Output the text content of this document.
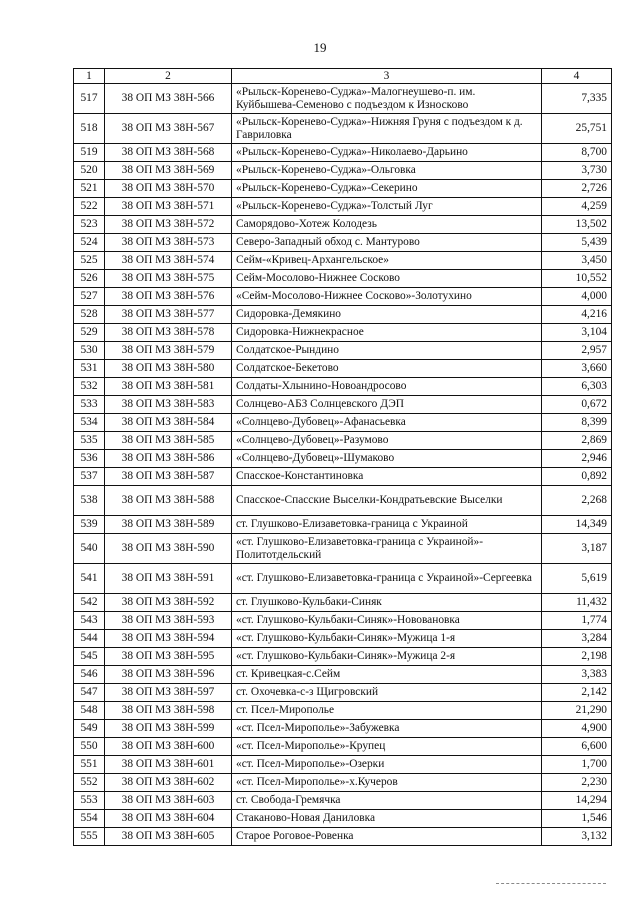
19
1	2	3	4
517	38 ОП МЗ 38Н-566	«Рыльск-Коренево-Суджа»-Малогнеушево-п. им. Куйбышева-Семеново с подъездом к Износково	7,335
518	38 ОП МЗ 38Н-567	«Рыльск-Коренево-Суджа»-Нижняя Груня с подъездом к д. Гавриловка	25,751
519	38 ОП МЗ 38Н-568	«Рыльск-Коренево-Суджа»-Николаево-Дарьино	8,700
520	38 ОП МЗ 38Н-569	«Рыльск-Коренево-Суджа»-Ольговка	3,730
521	38 ОП МЗ 38Н-570	«Рыльск-Коренево-Суджа»-Секерино	2,726
522	38 ОП МЗ 38Н-571	«Рыльск-Коренево-Суджа»-Толстый Луг	4,259
523	38 ОП МЗ 38Н-572	Саморядово-Хотеж Колодезь	13,502
524	38 ОП МЗ 38Н-573	Северо-Западный обход с. Мантурово	5,439
525	38 ОП МЗ 38Н-574	Сейм-«Кривец-Архангельское»	3,450
526	38 ОП МЗ 38Н-575	Сейм-Мосолово-Нижнее Сосково	10,552
527	38 ОП МЗ 38Н-576	«Сейм-Мосолово-Нижнее Сосково»-Золотухино	4,000
528	38 ОП МЗ 38Н-577	Сидоровка-Демякино	4,216
529	38 ОП МЗ 38Н-578	Сидоровка-Нижнекрасное	3,104
530	38 ОП МЗ 38Н-579	Солдатское-Рындино	2,957
531	38 ОП МЗ 38Н-580	Солдатское-Бекетово	3,660
532	38 ОП МЗ 38Н-581	Солдаты-Хлынино-Новоандросово	6,303
533	38 ОП МЗ 38Н-583	Солнцево-АБЗ Солнцевского ДЭП	0,672
534	38 ОП МЗ 38Н-584	«Солнцево-Дубовец»-Афанасьевка	8,399
535	38 ОП МЗ 38Н-585	«Солнцево-Дубовец»-Разумово	2,869
536	38 ОП МЗ 38Н-586	«Солнцево-Дубовец»-Шумаково	2,946
537	38 ОП МЗ 38Н-587	Спасское-Константиновка	0,892
538	38 ОП МЗ 38Н-588	Спасское-Спасские Выселки-Кондратьевские Выселки	2,268
539	38 ОП МЗ 38Н-589	ст. Глушково-Елизаветовка-граница с Украиной	14,349
540	38 ОП МЗ 38Н-590	«ст. Глушково-Елизаветовка-граница с Украиной»-Политотдельский	3,187
541	38 ОП МЗ 38Н-591	«ст. Глушково-Елизаветовка-граница с Украиной»-Сергеевка	5,619
542	38 ОП МЗ 38Н-592	ст. Глушково-Кульбаки-Синяк	11,432
543	38 ОП МЗ 38Н-593	«ст. Глушково-Кульбаки-Синяк»-Нововановка	1,774
544	38 ОП МЗ 38Н-594	«ст. Глушково-Кульбаки-Синяк»-Мужица 1-я	3,284
545	38 ОП МЗ 38Н-595	«ст. Глушково-Кульбаки-Синяк»-Мужица 2-я	2,198
546	38 ОП МЗ 38Н-596	ст. Кривецкая-с.Сейм	3,383
547	38 ОП МЗ 38Н-597	ст. Охочевка-с-з Щигровский	2,142
548	38 ОП МЗ 38Н-598	ст. Псел-Мирополье	21,290
549	38 ОП МЗ 38Н-599	«ст. Псел-Мирополье»-Забужевка	4,900
550	38 ОП МЗ 38Н-600	«ст. Псел-Мирополье»-Крупец	6,600
551	38 ОП МЗ 38Н-601	«ст. Псел-Мирополье»-Озерки	1,700
552	38 ОП МЗ 38Н-602	«ст. Псел-Мирополье»-х.Кучеров	2,230
553	38 ОП МЗ 38Н-603	ст. Свобода-Гремячка	14,294
554	38 ОП МЗ 38Н-604	Стаканово-Новая Даниловка	1,546
555	38 ОП МЗ 38Н-605	Старое Роговое-Ровенка	3,132
